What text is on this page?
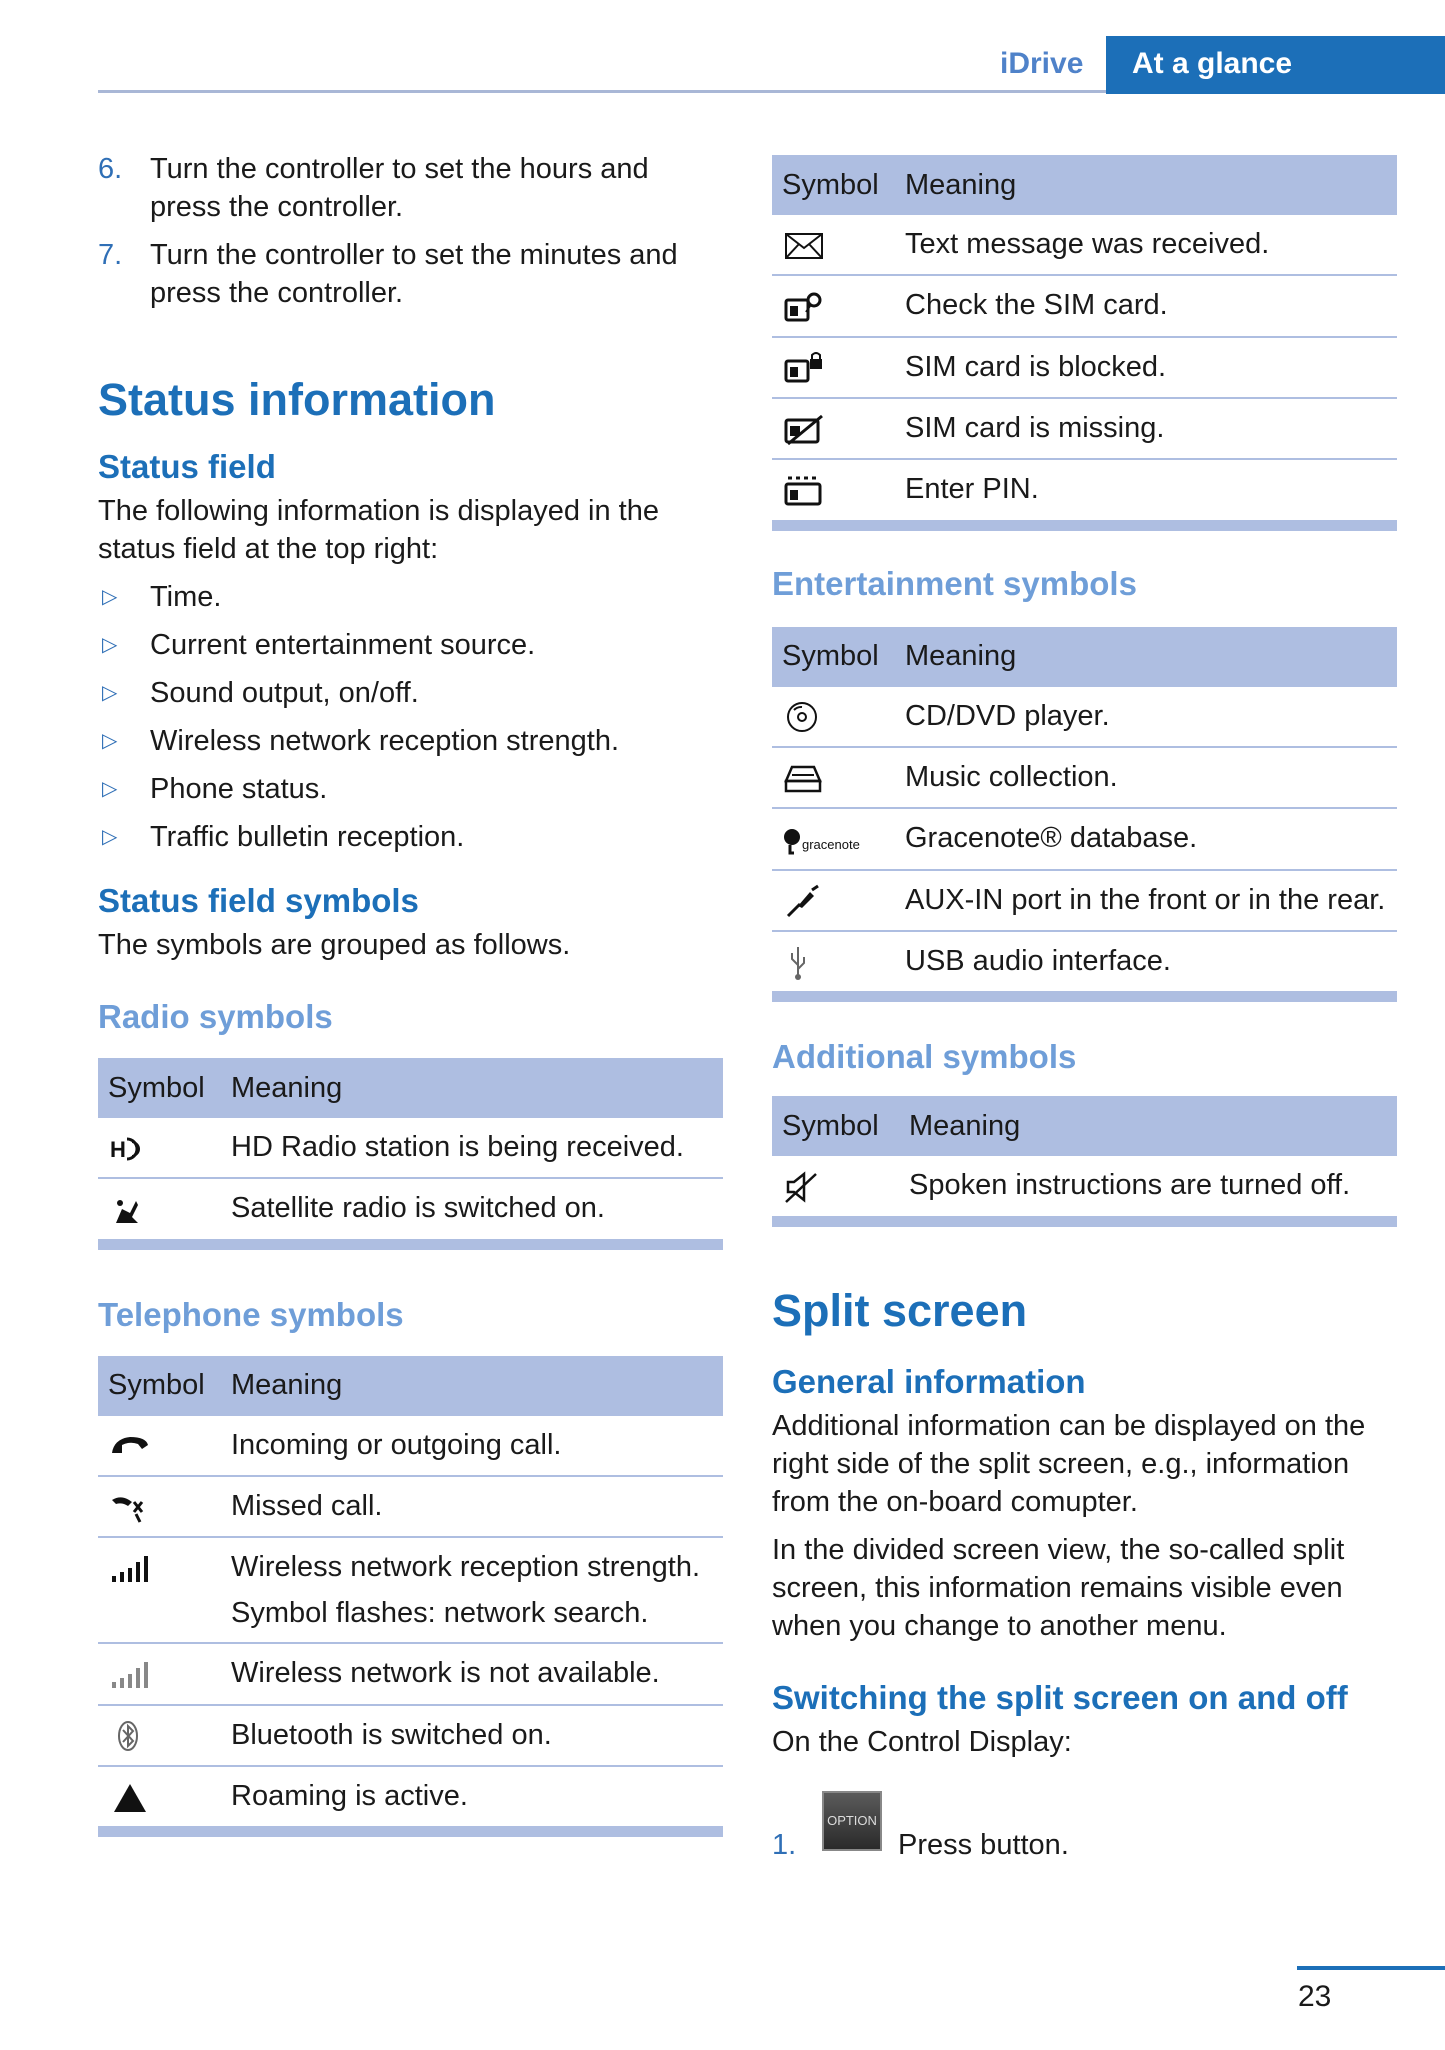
iDrive	At a glance
6. Turn the controller to set the hours and press the controller.
7. Turn the controller to set the minutes and press the controller.
Status information
Status field
The following information is displayed in the status field at the top right:
▷	Time.
▷	Current entertainment source.
▷	Sound output, on/off.
▷	Wireless network reception strength.
▷	Phone status.
▷	Traffic bulletin reception.
Status field symbols
The symbols are grouped as follows.
Radio symbols
Symbol	Meaning

H	HD Radio station is being received.
	Satellite radio is switched on.
Telephone symbols
Symbol	Meaning
	Incoming or outgoing call.
	Missed call.

Wireless network reception strength.
Symbol flashes: network search.

	Wireless network is not available.
	Bluetooth is switched on.
	Roaming is active.
Symbol	Meaning
	Text message was received.
	Check the SIM card.
	SIM card is blocked.
	SIM card is missing.
	Enter PIN.
Entertainment symbols
Symbol	Meaning
	CD/DVD player.
	Music collection.

gracenote	Gracenote® database.
	AUX-IN port in the front or in the rear.
	USB audio interface.
Additional symbols
Symbol	Meaning
	Spoken instructions are turned off.
Split screen
General information
Additional information can be displayed on the right side of the split screen, e.g., information from the on-board comupter.
In the divided screen view, the so-called split screen, this information remains visible even when you change to another menu.
Switching the split screen on and off
On the Control Display:
1.
OPTION
Press button.
23
